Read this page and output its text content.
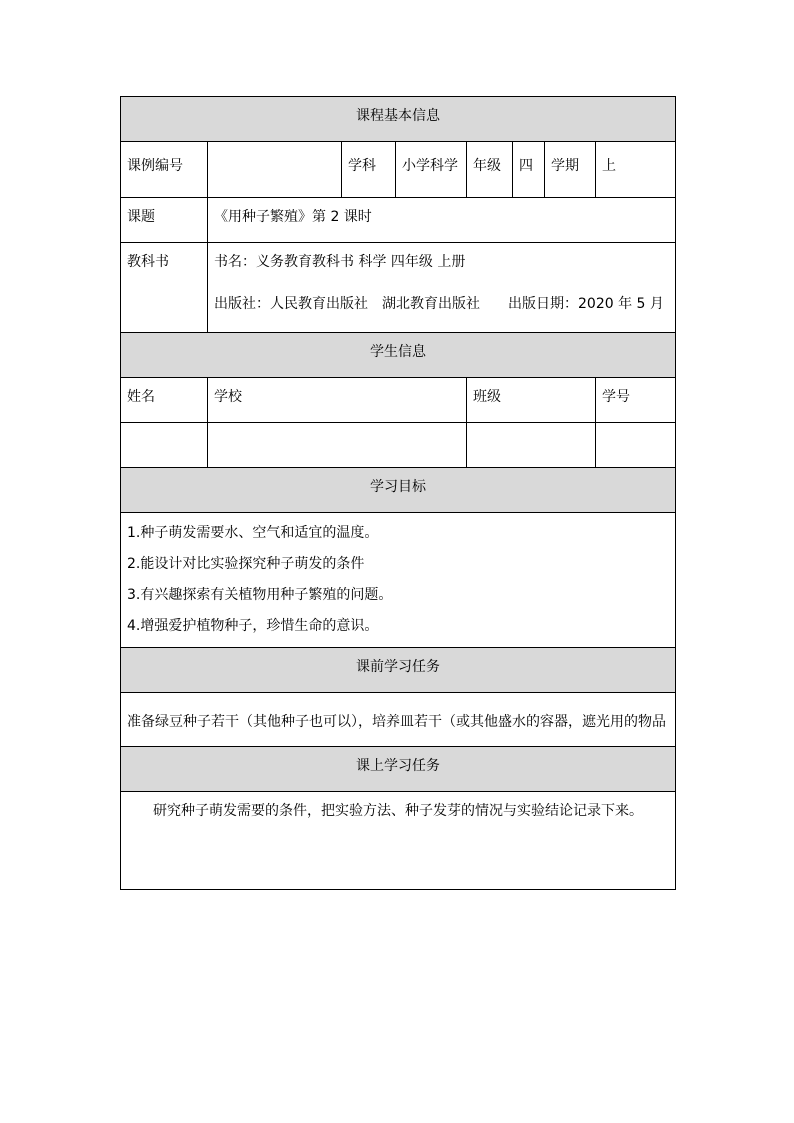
课程基本信息							
课例编号		学科	小学科学	年级	四	学期	上
课题	《用种子繁殖》第 2 课时						
教科书	书名：义务教育教科书 科学 四年级 上册
出版社：人民教育出版社　湖北教育出版社　　出版日期：2020 年 5 月						

学生信息							
姓名	学校			班级			学号

学习目标							

1.种子萌发需要水、空气和适宜的温度。
2.能设计对比实验探究种子萌发的条件
3.有兴趣探索有关植物用种子繁殖的问题。
4.增强爱护植物种子，珍惜生命的意识。							

课前学习任务							
准备绿豆种子若干（其他种子也可以），培养皿若干（或其他盛水的容器，遮光用的物品							
课上学习任务							
研究种子萌发需要的条件，把实验方法、种子发芽的情况与实验结论记录下来。							
